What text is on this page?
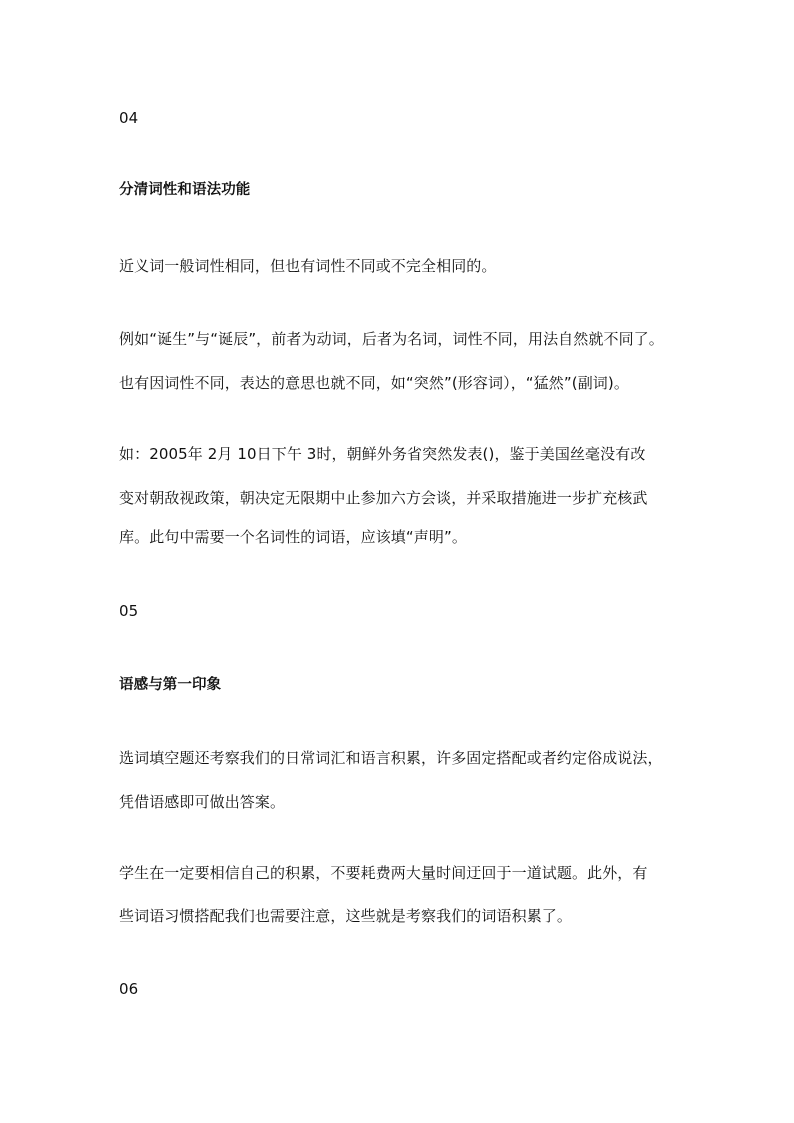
04
分清词性和语法功能
近义词一般词性相同，但也有词性不同或不完全相同的。
例如“诞生”与“诞辰”，前者为动词，后者为名词，词性不同，用法自然就不同了。
也有因词性不同，表达的意思也就不同，如“突然”(形容词），“猛然”(副词)。
如：2005年 2月 10日下午 3时，朝鲜外务省突然发表()，鉴于美国丝毫没有改
变对朝敌视政策，朝决定无限期中止参加六方会谈，并采取措施进一步扩充核武
库。此句中需要一个名词性的词语，应该填“声明”。
05
语感与第一印象
选词填空题还考察我们的日常词汇和语言积累，许多固定搭配或者约定俗成说法，
凭借语感即可做出答案。
学生在一定要相信自己的积累，不要耗费两大量时间迂回于一道试题。此外，有
些词语习惯搭配我们也需要注意，这些就是考察我们的词语积累了。
06
